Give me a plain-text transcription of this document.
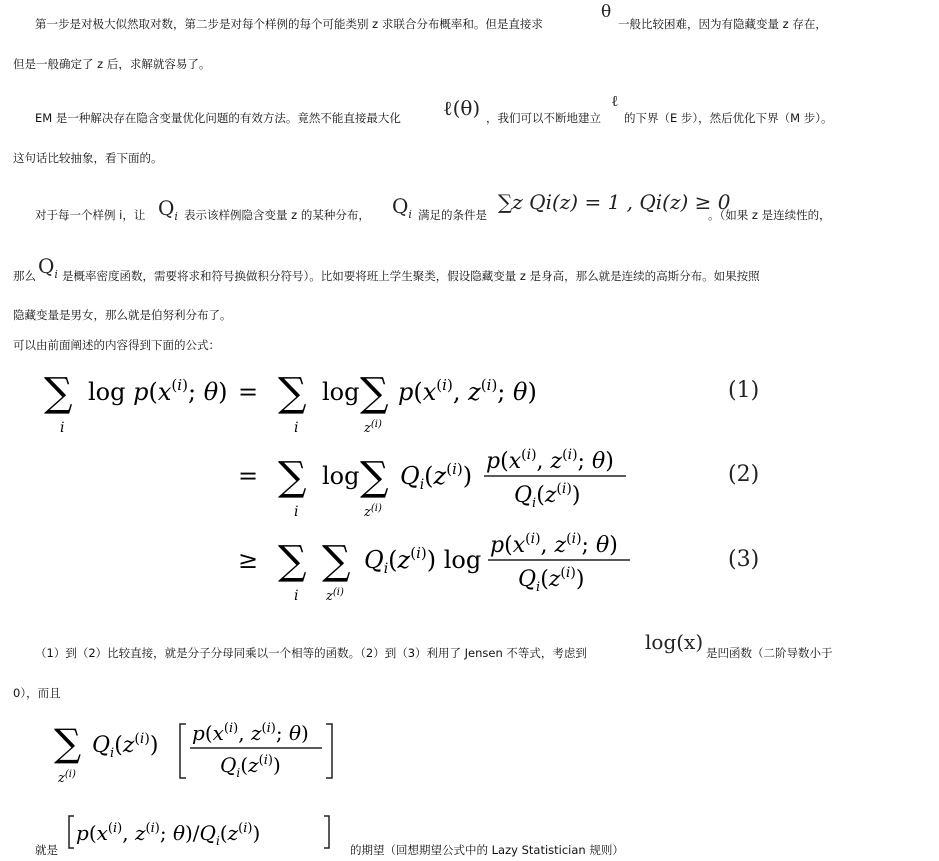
第一步是对极大似然取对数，第二步是对每个样例的每个可能类别 z 求联合分布概率和。但是直接求
θ
一般比较困难，因为有隐藏变量 z 存在，
但是一般确定了 z 后，求解就容易了。
EM 是一种解决存在隐含变量优化问题的有效方法。竟然不能直接最大化 ℓ(θ) ，我们可以不断地建立
ℓ
的下界（E 步），然后优化下界（M 步）。
这句话比较抽象，看下面的。
对于每一个样例 i，让 $Q_i$ 表示该样例隐含变量 z 的某种分布， $Q_i$ 满足的条件是
∑z Qi(z) = 1 , Qi(z) ≥ 0
。（如果 z 是连续性的，
那么 $Q_i$ 是概率密度函数，需要将求和符号换做积分符号）。比如要将班上学生聚类，假设隐藏变量 z 是身高，那么就是连续的高斯分布。如果按照
隐藏变量是男女，那么就是伯努利分布了。
可以由前面阐述的内容得到下面的公式：
∑
i
$\log p(x^{(i)}$; θ) = ∑
i
log ∑
$z^{(i)}$
$p(x^{(i)}$, $z^{(i)}$; θ)
= ∑
i
log ∑
$z^{(i)}$
$Q_i(z^{(i)})$
$p(x^{(i)}$, $z^{(i)}$; θ)
$Q_i(z^{(i)})$
≥ ∑
i
∑
$z^{(i)}$
$Q_i(z^{(i)})$ log
$p(x^{(i)}$, $z^{(i)}$; θ)
$Q_i(z^{(i)})$
(1)
(2)
(3)
（1）到（2）比较直接，就是分子分母同乘以一个相等的函数。（2）到（3）利用了 Jensen 不等式，考虑到	log(x) 是凹函数（二阶导数小于
0），而且
∑
$z^{(i)}$
$Q_i(z^{(i)})$ $p(x^{(i)}$, $z^{(i)}$; θ)
$Q_i(z^{(i)})$
就是
$p(x^{(i)}$, $z^{(i)}$; $\theta)/Q_i(z^{(i)})$
的期望（回想期望公式中的 Lazy Statistician 规则）
